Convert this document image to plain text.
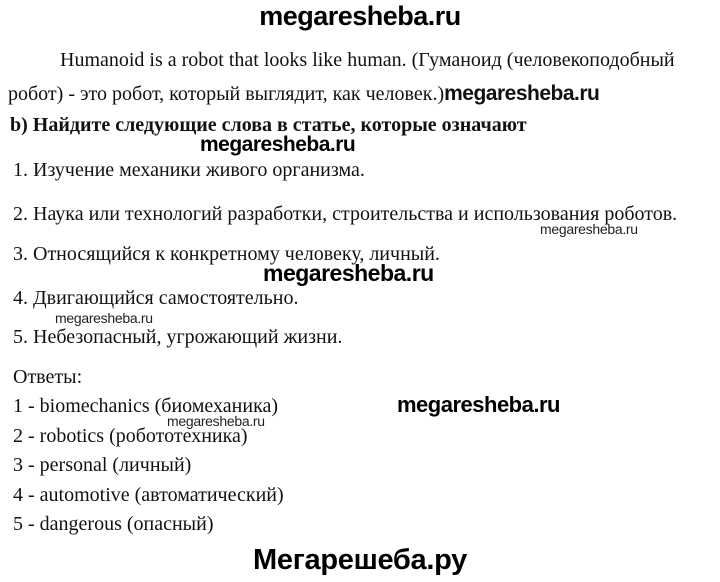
megaresheba.ru
Humanoid is a robot that looks like human. (Гуманоид (человекоподобный робот) - это робот, который выглядит, как человек.)megaresheba.ru
b) Найдите следующие слова в статье, которые означают
megaresheba.ru
1. Изучение механики живого организма.
2. Наука или технологий разработки, строительства и использования роботов.
megaresheba.ru
3. Относящийся к конкретному человеку, личный.
megaresheba.ru
4. Двигающийся самостоятельно.
megaresheba.ru
5. Небезопасный, угрожающий жизни.
Ответы:
1 - biomechanics (биомеханика)
2 - robotics (робототехника)
3 - personal (личный)
4 - automotive (автоматический)
5 - dangerous (опасный)
megaresheba.ru
megaresheba.ru
Мегарешеба.ру
